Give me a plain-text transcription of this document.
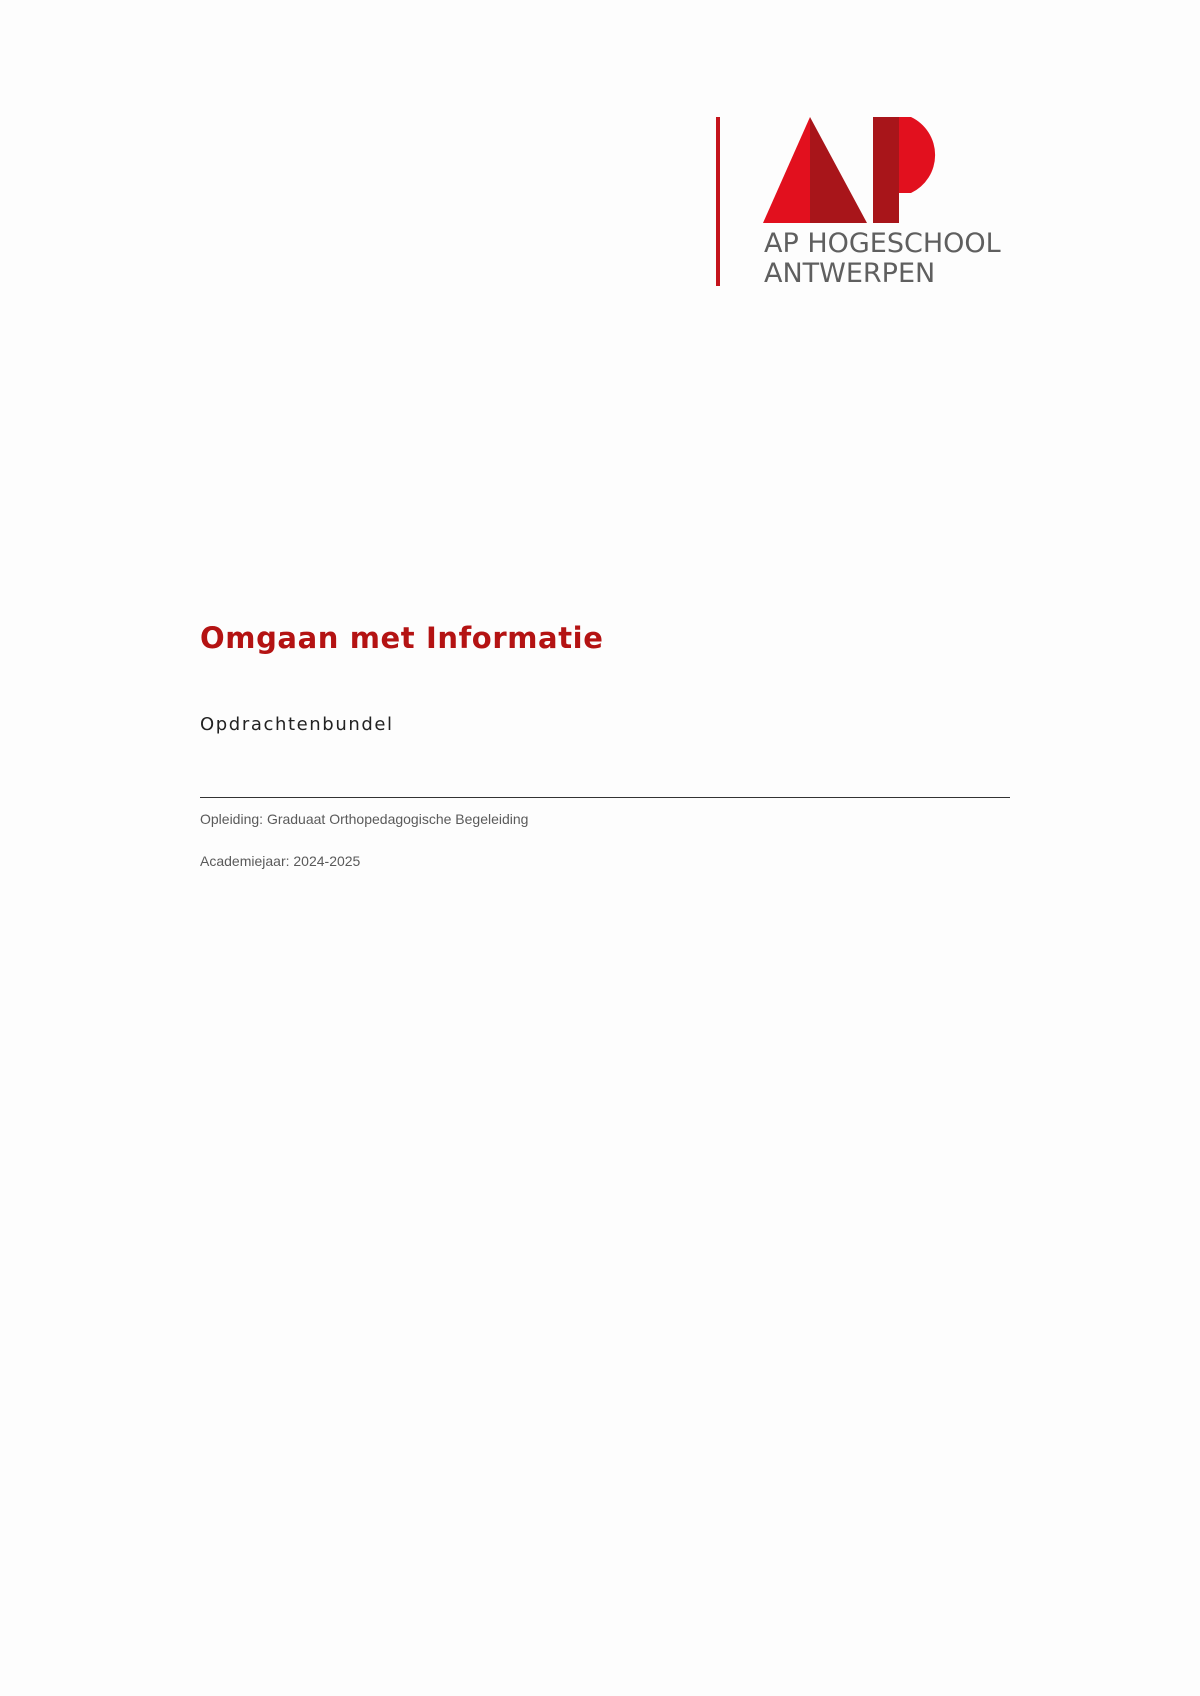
AP HOGESCHOOL
ANTWERPEN
Omgaan met Informatie

Opdrachtenbundel

Opleiding : Graduaat Orthopedagogische Begeleiding

Academiejaar : 2024-2025
